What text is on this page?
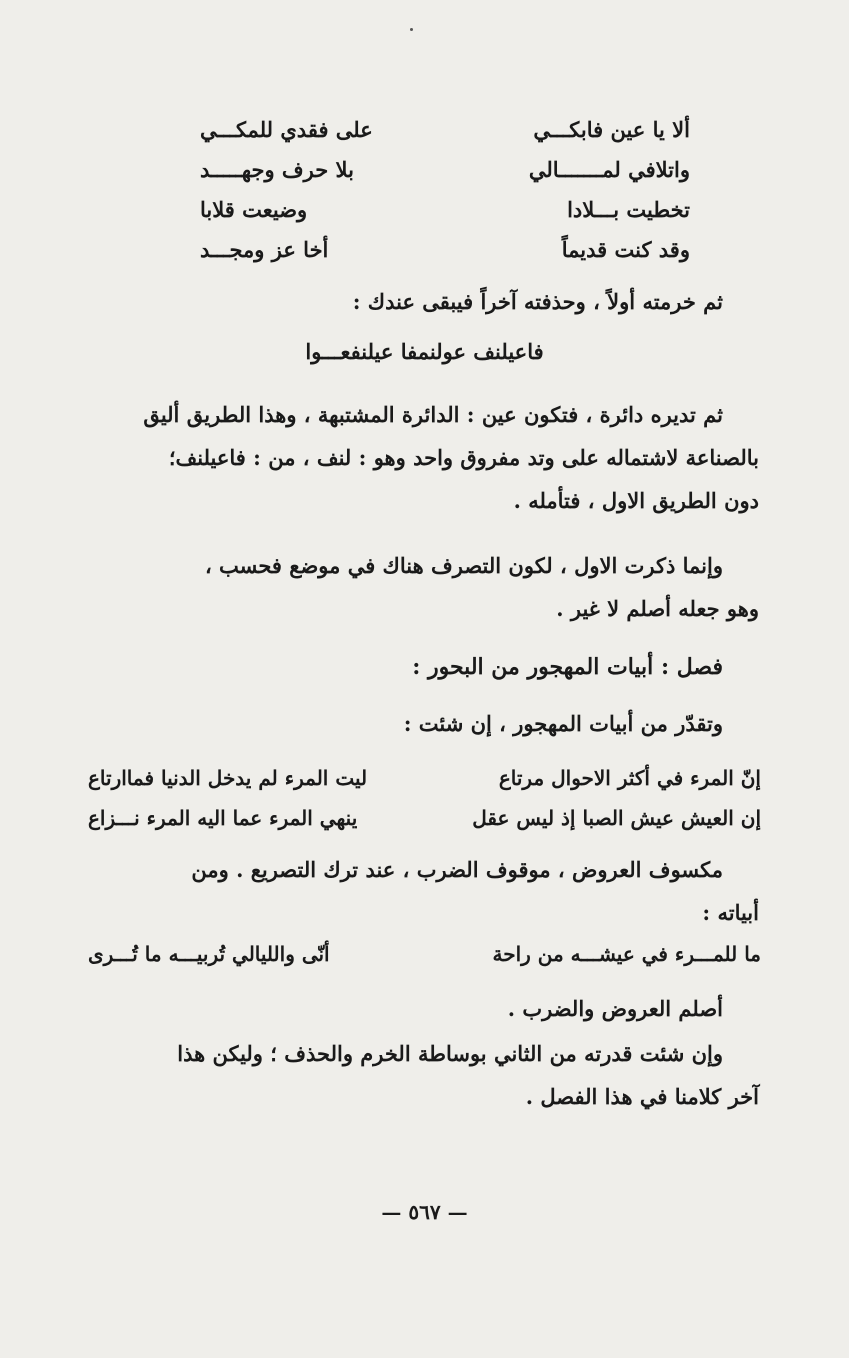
ألا يا عين فابكـــي
على فقدي للمكـــي
واتلافي لمـــــــالي
بلا حرف وجهـــــد
تخطيت بـــلادا
وضيعت قلابا
وقد كنت قديماً
أخا عز ومجـــد
ثم خرمته أولاً ، وحذفته آخراً فيبقى عندك :
فاعيلنف عولنمفا عيلنفعـــوا
ثم تديره دائرة ، فتكون عين : الدائرة المشتبهة ، وهذا الطريق أليق
بالصناعة لاشتماله على وتد مفروق واحد وهو : لنف ، من : فاعيلنف؛
دون الطريق الاول ، فتأمله .
وإنما ذكرت الاول ، لكون التصرف هناك في موضع فحسب ،
وهو جعله أصلم لا غير .
فصل : أبيات المهجور من البحور :
وتقدّر من أبيات المهجور ، إن شئت :
إنّ المرء في أكثر الاحوال مرتاع
ليت المرء لم يدخل الدنيا فماارتاع
إن العيش عيش الصبا إذ ليس عقل
ينهي المرء عما اليه المرء نـــزاع
مكسوف العروض ، موقوف الضرب ، عند ترك التصريع . ومن
أبياته :
ما للمـــرء في عيشـــه من راحة
أنّى والليالي تُربيـــه ما تُـــرى
أصلم العروض والضرب .
وإن شئت قدرته من الثاني بوساطة الخرم والحذف ؛ وليكن هذا
آخر كلامنا في هذا الفصل .
— ٥٦٧ —
